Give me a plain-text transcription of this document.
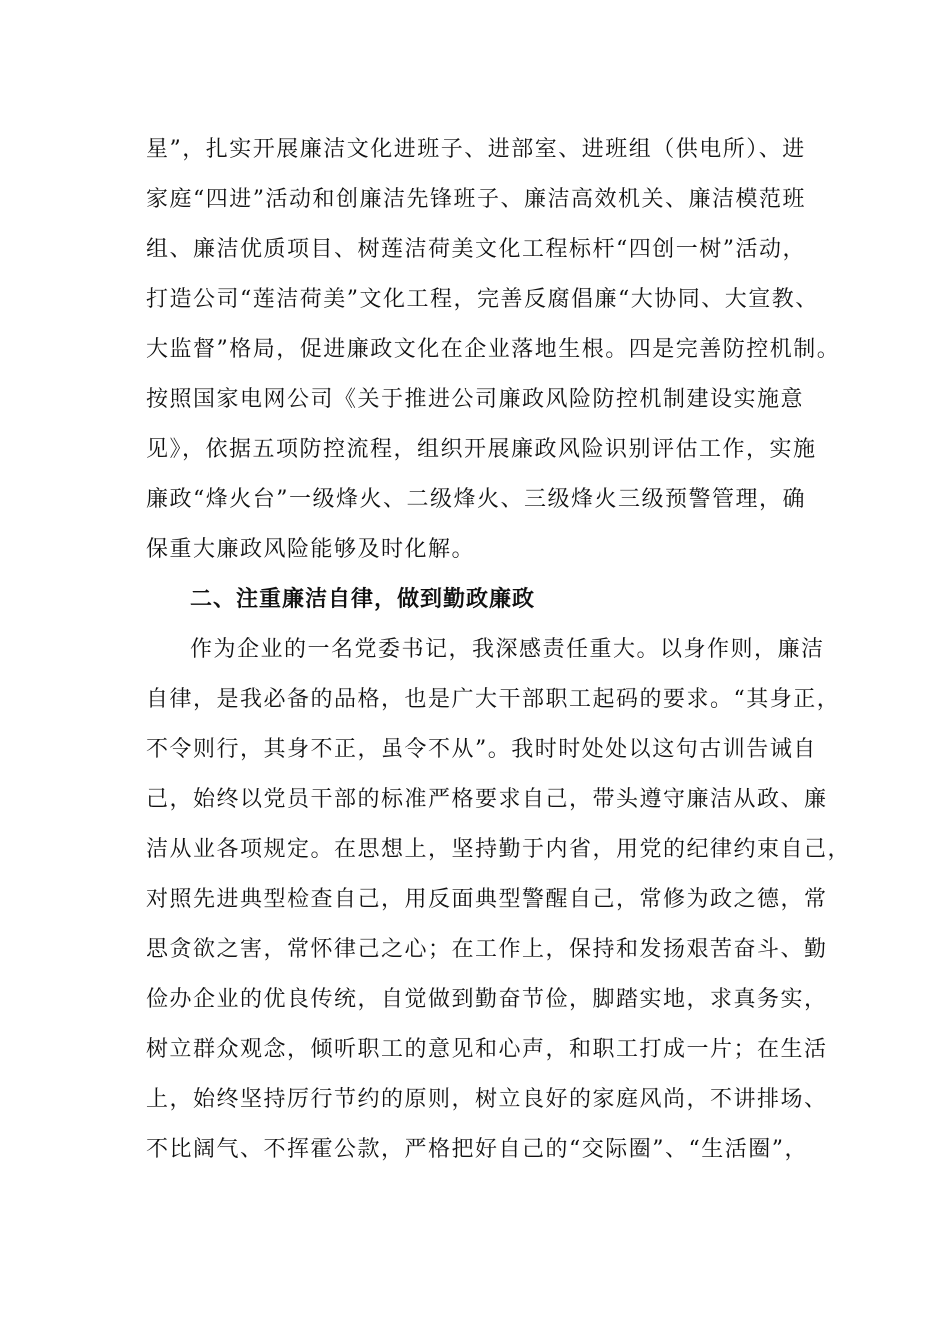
星”，扎实开展廉洁文化进班子、进部室、进班组（供电所）、进
家庭“四进”活动和创廉洁先锋班子、廉洁高效机关、廉洁模范班
组、廉洁优质项目、树莲洁荷美文化工程标杆“四创一树”活动，
打造公司“莲洁荷美”文化工程，完善反腐倡廉“大协同、大宣教、
大监督”格局，促进廉政文化在企业落地生根。四是完善防控机制。
按照国家电网公司《关于推进公司廉政风险防控机制建设实施意
见》，依据五项防控流程，组织开展廉政风险识别评估工作，实施
廉政“烽火台”一级烽火、二级烽火、三级烽火三级预警管理，确
保重大廉政风险能够及时化解。
二、注重廉洁自律，做到勤政廉政
作为企业的一名党委书记，我深感责任重大。以身作则，廉洁
自律，是我必备的品格，也是广大干部职工起码的要求。“其身正，
不令则行，其身不正，虽令不从”。我时时处处以这句古训告诫自
己，始终以党员干部的标准严格要求自己，带头遵守廉洁从政、廉
洁从业各项规定。在思想上，坚持勤于内省，用党的纪律约束自己，
对照先进典型检查自己，用反面典型警醒自己，常修为政之德，常
思贪欲之害，常怀律己之心；在工作上，保持和发扬艰苦奋斗、勤
俭办企业的优良传统，自觉做到勤奋节俭，脚踏实地，求真务实，
树立群众观念，倾听职工的意见和心声，和职工打成一片；在生活
上，始终坚持厉行节约的原则，树立良好的家庭风尚，不讲排场、
不比阔气、不挥霍公款，严格把好自己的“交际圈”、“生活圈”，
